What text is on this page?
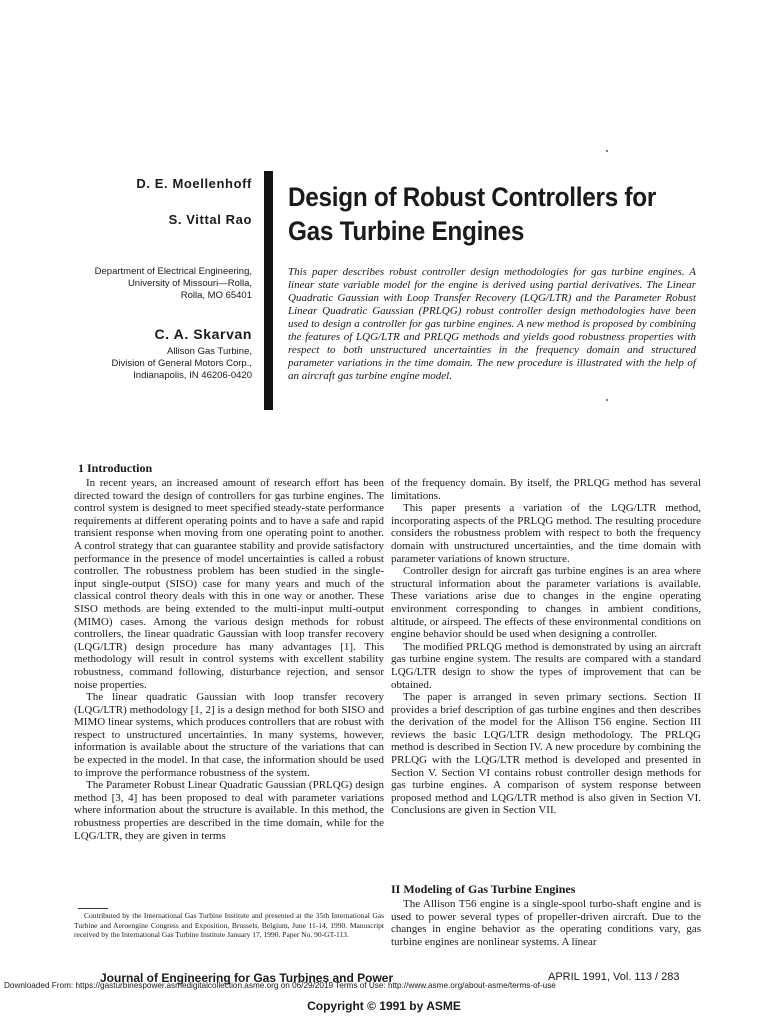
D. E. Moellenhoff
S. Vittal Rao
Department of Electrical Engineering,
University of Missouri—Rolla,
Rolla, MO 65401
C. A. Skarvan
Allison Gas Turbine,
Division of General Motors Corp.,
Indianapolis, IN 46206-0420
Design of Robust Controllers for
Gas Turbine Engines
This paper describes robust controller design methodologies for gas turbine engines. A linear state variable model for the engine is derived using partial derivatives. The Linear Quadratic Gaussian with Loop Transfer Recovery (LQG/LTR) and the Parameter Robust Linear Quadratic Gaussian (PRLQG) robust controller design methodologies have been used to design a controller for gas turbine engines. A new method is proposed by combining the features of LQG/LTR and PRLQG methods and yields good robustness properties with respect to both unstructured uncertainties in the frequency domain and structured parameter variations in the time domain. The new procedure is illustrated with the help of an aircraft gas turbine engine model.
1 Introduction

In recent years, an increased amount of research effort has been directed toward the design of controllers for gas turbine engines. The control system is designed to meet specified steady-state performance requirements at different operating points and to have a safe and rapid transient response when moving from one operating point to another. A control strategy that can guarantee stability and provide satisfactory performance in the presence of model uncertainties is called a robust controller. The robustness problem has been studied in the single-input single-output (SISO) case for many years and much of the classical control theory deals with this in one way or another. These SISO methods are being extended to the multi-input multi-output (MIMO) cases. Among the various design methods for robust controllers, the linear quadratic Gaussian with loop transfer recovery (LQG/LTR) design procedure has many advantages [1]. This methodology will result in control systems with excellent stability robustness, command following, disturbance rejection, and sensor noise properties.

The linear quadratic Gaussian with loop transfer recovery (LQG/LTR) methodology [1, 2] is a design method for both SISO and MIMO linear systems, which produces controllers that are robust with respect to unstructured uncertainties. In many systems, however, information is available about the structure of the variations that can be expected in the model. In that case, the information should be used to improve the performance robustness of the system.

The Parameter Robust Linear Quadratic Gaussian (PRLQG) design method [3, 4] has been proposed to deal with parameter variations where information about the structure is available. In this method, the robustness properties are described in the time domain, while for the LQG/LTR, they are given in terms

of the frequency domain. By itself, the PRLQG method has several limitations.

This paper presents a variation of the LQG/LTR method, incorporating aspects of the PRLQG method. The resulting procedure considers the robustness problem with respect to both the frequency domain with unstructured uncertainties, and the time domain with parameter variations of known structure.

Controller design for aircraft gas turbine engines is an area where structural information about the parameter variations is available. These variations arise due to changes in the engine operating environment corresponding to changes in ambient conditions, altitude, or airspeed. The effects of these environmental conditions on engine behavior should be used when designing a controller.

The modified PRLQG method is demonstrated by using an aircraft gas turbine engine system. The results are compared with a standard LQG/LTR design to show the types of improvement that can be obtained.

The paper is arranged in seven primary sections. Section II provides a brief description of gas turbine engines and then describes the derivation of the model for the Allison T56 engine. Section III reviews the basic LQG/LTR design methodology. The PRLQG method is described in Section IV. A new procedure by combining the PRLQG with the LQG/LTR method is developed and presented in Section V. Section VI contains robust controller design methods for gas turbine engines. A comparison of system response between proposed method and LQG/LTR method is also given in Section VI. Conclusions are given in Section VII.

II Modeling of Gas Turbine Engines

The Allison T56 engine is a single-spool turbo-shaft engine and is used to power several types of propeller-driven aircraft. Due to the changes in engine behavior as the operating conditions vary, gas turbine engines are nonlinear systems. A linear

Contributed by the International Gas Turbine Institute and presented at the 35th International Gas Turbine and Aeroengine Congress and Exposition, Brussels, Belgium, June 11-14, 1990. Manuscript received by the International Gas Turbine Institute January 17, 1990. Paper No. 90-GT-113.
Journal of Engineering for Gas Turbines and Power	APRIL 1991, Vol. 113 / 283
Downloaded From: https://gasturbinespower.asmedigitalcollection.asme.org on 06/29/2019 Terms of Use: http://www.asme.org/about-asme/terms-of-use
Copyright © 1991 by ASME
